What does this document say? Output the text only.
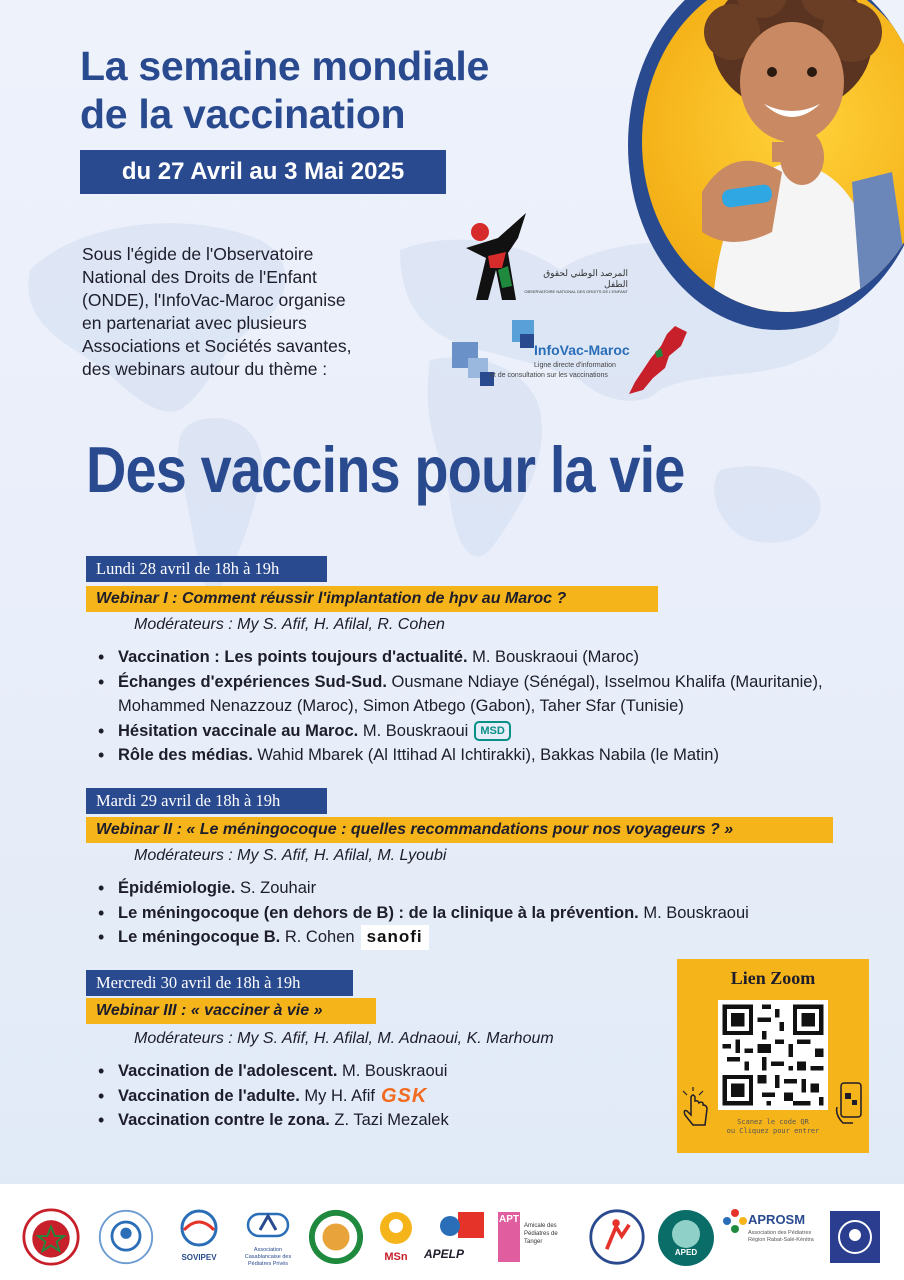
La semaine mondiale
de la vaccination
du 27 Avril au 3 Mai 2025
Sous l'égide de l'Observatoire
National des Droits de l'Enfant
(ONDE), l'InfoVac-Maroc organise
en partenariat avec plusieurs
Associations et Sociétés savantes,
des webinars autour du thème :
المرصد الوطني لحقوق الطفل
OBSERVATOIRE NATIONAL DES DROITS DE L'ENFANT
InfoVac-Maroc
Ligne directe d'information
et de consultation sur les vaccinations
Des vaccins pour la vie
Lundi 28 avril de 18h à 19h
Webinar I : Comment réussir l'implantation de hpv au Maroc ?
Modérateurs : My S. Afif, H. Afilal, R. Cohen
• Vaccination : Les points toujours d'actualité. M. Bouskraoui (Maroc)
• Échanges d'expériences Sud-Sud. Ousmane Ndiaye (Sénégal), Isselmou Khalifa (Mauritanie), Mohammed Nenazzouz (Maroc), Simon Atbego (Gabon), Taher Sfar (Tunisie)
• Hésitation vaccinale au Maroc. M. Bouskraoui MSD
• Rôle des médias. Wahid Mbarek (Al Ittihad Al Ichtirakki), Bakkas Nabila (le Matin)
Mardi 29 avril de 18h à 19h
Webinar II : « Le méningocoque : quelles recommandations pour nos voyageurs ? »
Modérateurs : My S. Afif, H. Afilal, M. Lyoubi
• Épidémiologie. S. Zouhair
• Le méningocoque (en dehors de B) : de la clinique à la prévention. M. Bouskraoui
• Le méningocoque B. R. Cohen sanofi
Mercredi 30 avril de 18h à 19h
Webinar III : « vacciner à vie »
Modérateurs : My S. Afif, H. Afilal, M. Adnaoui, K. Marhoum
• Vaccination de l'adolescent. M. Bouskraoui
• Vaccination de l'adulte. My H. Afif GSK
• Vaccination contre le zona. Z. Tazi Mezalek
Lien Zoom
Scanez le code QR
ou Cliquez pour entrer
SOVIPEV
Association Casablancaise des Pédiatres Privés
MSn	APELP
APT
Amicale des Pédiatres de Tanger
APED
APROSM
Association des Pédiatres Région Rabat-Salé-Kénitra
